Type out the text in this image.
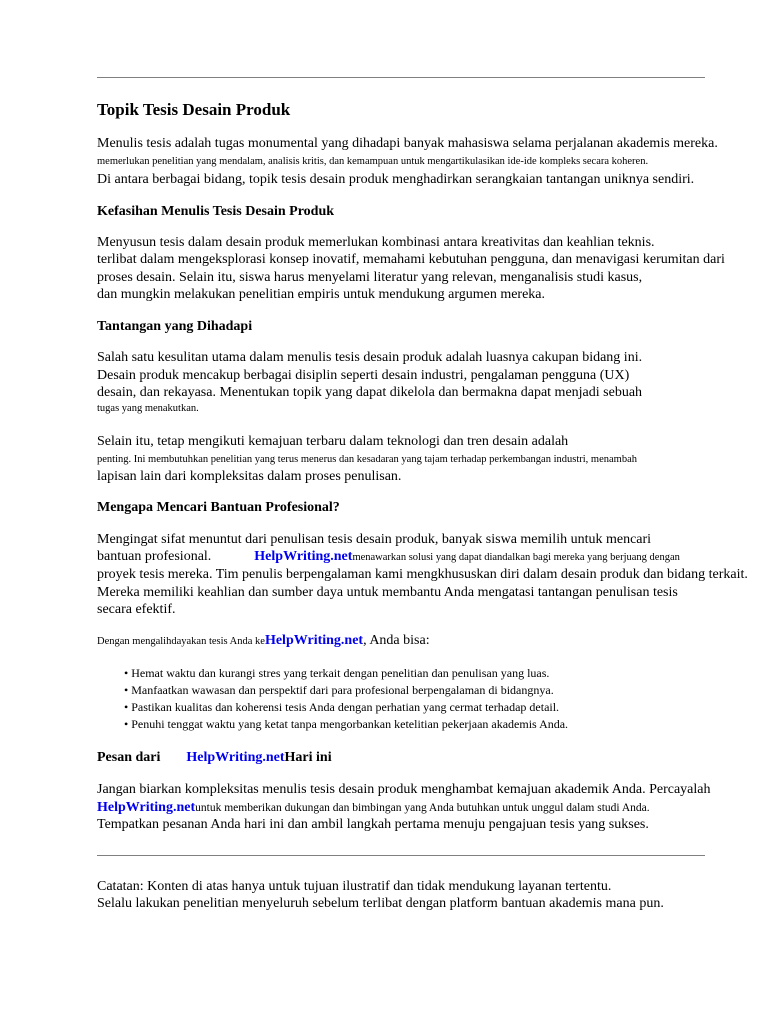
Topik Tesis Desain Produk
Menulis tesis adalah tugas monumental yang dihadapi banyak mahasiswa selama perjalanan akademis mereka.
memerlukan penelitian yang mendalam, analisis kritis, dan kemampuan untuk mengartikulasikan ide-ide kompleks secara koheren.
Di antara berbagai bidang, topik tesis desain produk menghadirkan serangkaian tantangan uniknya sendiri.
Kefasihan Menulis Tesis Desain Produk
Menyusun tesis dalam desain produk memerlukan kombinasi antara kreativitas dan keahlian teknis.
terlibat dalam mengeksplorasi konsep inovatif, memahami kebutuhan pengguna, dan menavigasi kerumitan dari
proses desain. Selain itu, siswa harus menyelami literatur yang relevan, menganalisis studi kasus,
dan mungkin melakukan penelitian empiris untuk mendukung argumen mereka.
Tantangan yang Dihadapi
Salah satu kesulitan utama dalam menulis tesis desain produk adalah luasnya cakupan bidang ini.
Desain produk mencakup berbagai disiplin seperti desain industri, pengalaman pengguna (UX)
desain, dan rekayasa. Menentukan topik yang dapat dikelola dan bermakna dapat menjadi sebuah
tugas yang menakutkan.
Selain itu, tetap mengikuti kemajuan terbaru dalam teknologi dan tren desain adalah
penting. Ini membutuhkan penelitian yang terus menerus dan kesadaran yang tajam terhadap perkembangan industri, menambah
lapisan lain dari kompleksitas dalam proses penulisan.
Mengapa Mencari Bantuan Profesional?
Mengingat sifat menuntut dari penulisan tesis desain produk, banyak siswa memilih untuk mencari
bantuan profesional.	HelpWriting.netmenawarkan solusi yang dapat diandalkan bagi mereka yang berjuang dengan
proyek tesis mereka. Tim penulis berpengalaman kami mengkhususkan diri dalam desain produk dan bidang terkait.
Mereka memiliki keahlian dan sumber daya untuk membantu Anda mengatasi tantangan penulisan tesis
secara efektif.
Dengan mengalihdayakan tesis Anda keHelpWriting.net, Anda bisa:
• Hemat waktu dan kurangi stres yang terkait dengan penelitian dan penulisan yang luas.
• Manfaatkan wawasan dan perspektif dari para profesional berpengalaman di bidangnya.
• Pastikan kualitas dan koherensi tesis Anda dengan perhatian yang cermat terhadap detail.
• Penuhi tenggat waktu yang ketat tanpa mengorbankan ketelitian pekerjaan akademis Anda.
Pesan dari HelpWriting.netHari ini
Jangan biarkan kompleksitas menulis tesis desain produk menghambat kemajuan akademik Anda. Percayalah
HelpWriting.netuntuk memberikan dukungan dan bimbingan yang Anda butuhkan untuk unggul dalam studi Anda.
Tempatkan pesanan Anda hari ini dan ambil langkah pertama menuju pengajuan tesis yang sukses.
Catatan: Konten di atas hanya untuk tujuan ilustratif dan tidak mendukung layanan tertentu.
Selalu lakukan penelitian menyeluruh sebelum terlibat dengan platform bantuan akademis mana pun.
